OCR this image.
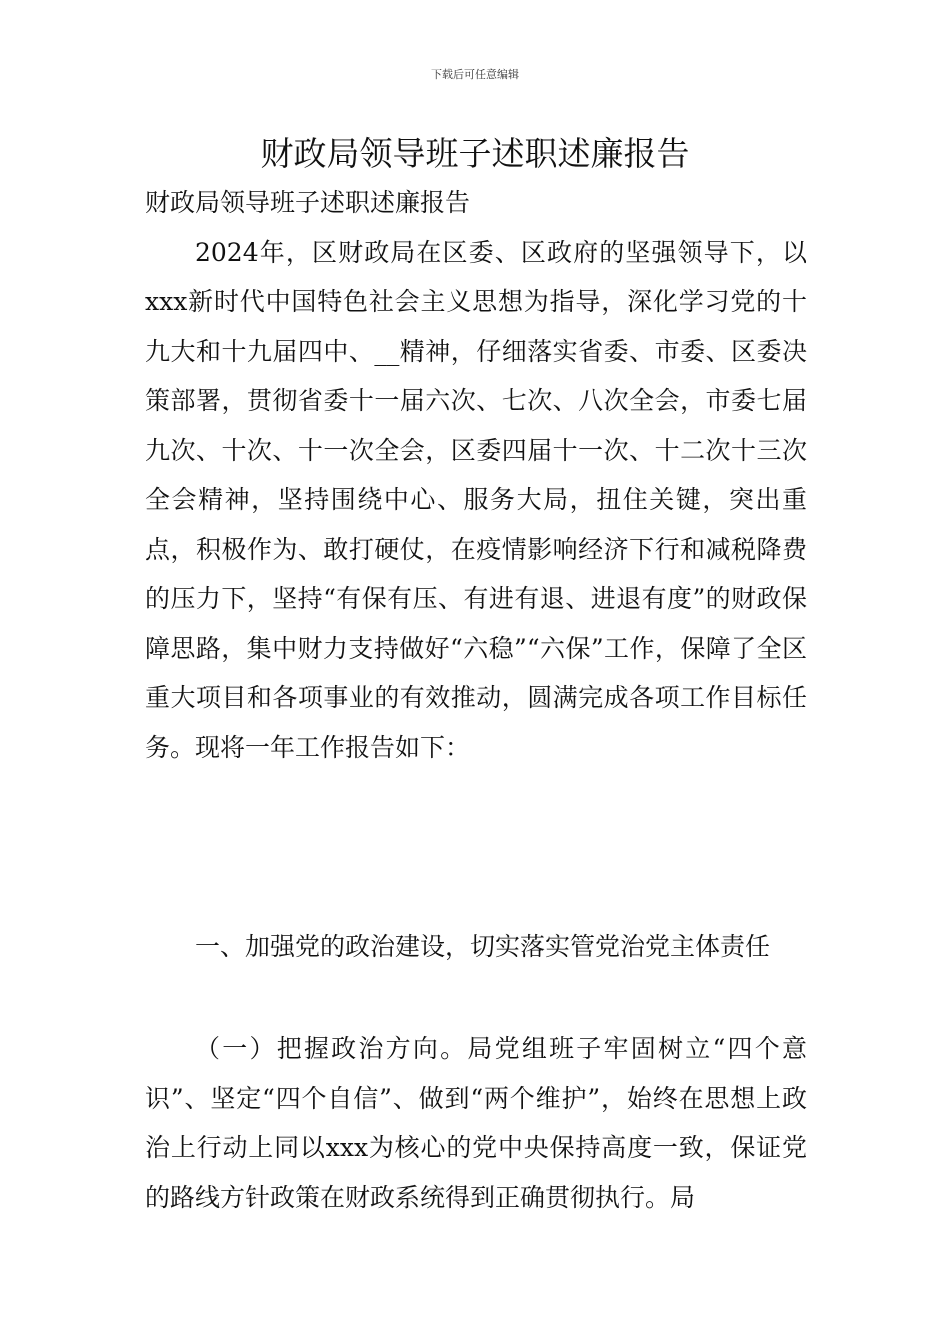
下载后可任意编辑
财政局领导班子述职述廉报告

财政局领导班子述职述廉报告

2024年，区财政局在区委、区政府的坚强领导下，以xxx新时代中国特色社会主义思想为指导，深化学习党的十九大和十九届四中、__精神，仔细落实省委、市委、区委决策部署，贯彻省委十一届六次、七次、八次全会，市委七届九次、十次、十一次全会，区委四届十一次、十二次十三次全会精神，坚持围绕中心、服务大局，扭住关键，突出重点，积极作为、敢打硬仗，在疫情影响经济下行和减税降费的压力下，坚持“有保有压、有进有退、进退有度”的财政保障思路，集中财力支持做好“六稳”“六保”工作，保障了全区重大项目和各项事业的有效推动，圆满完成各项工作目标任务。现将一年工作报告如下：

一、加强党的政治建设，切实落实管党治党主体责任
（一）把握政治方向。局党组班子牢固树立“四个意识”、坚定“四个自信”、做到“两个维护”，始终在思想上政治上行动上同以xxx为核心的党中央保持高度一致，保证党的路线方针政策在财政系统得到正确贯彻执行。局
